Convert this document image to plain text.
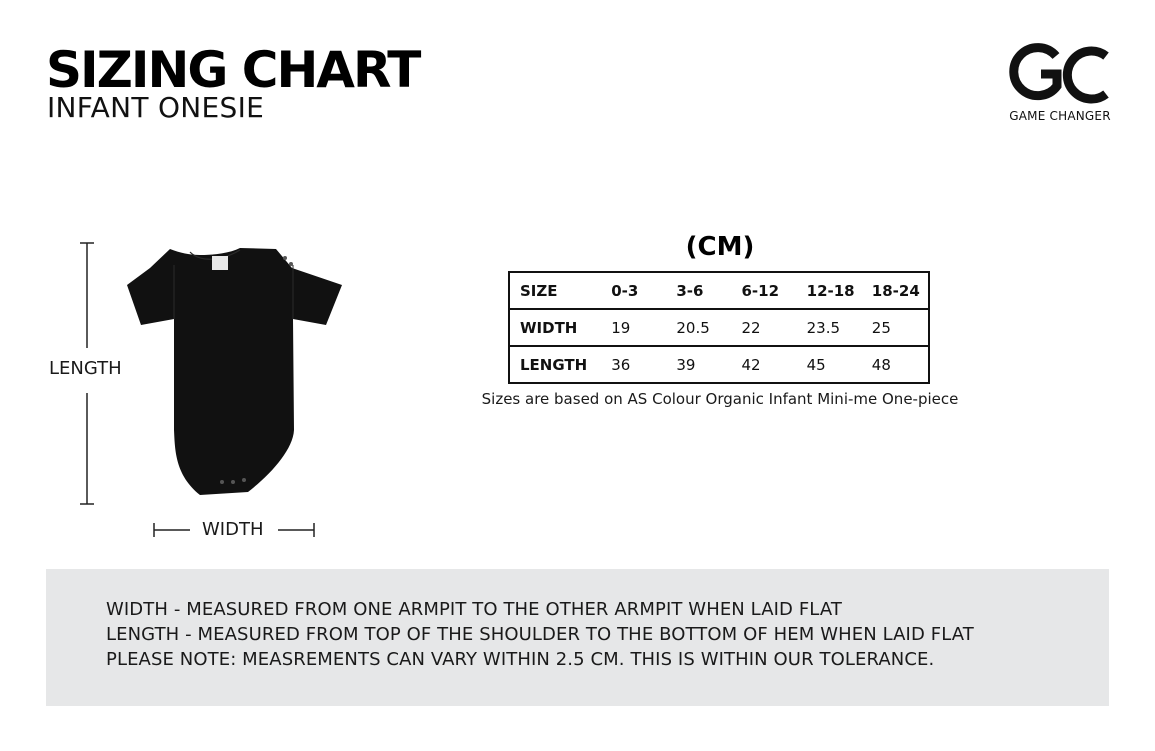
SIZING CHART
INFANT ONESIE	GAME CHANGER
LENGTH
WIDTH
(CM)
SIZE	0-3	3-6	6-12	12-18	18-24
WIDTH	19	20.5	22	23.5	25
LENGTH	36	39	42	45	48
Sizes are based on AS Colour Organic Infant Mini-me One-piece
WIDTH - MEASURED FROM ONE ARMPIT TO THE OTHER ARMPIT WHEN LAID FLAT
LENGTH - MEASURED FROM TOP OF THE SHOULDER TO THE BOTTOM OF HEM WHEN LAID FLAT
PLEASE NOTE: MEASREMENTS CAN VARY WITHIN 2.5 CM. THIS IS WITHIN OUR TOLERANCE.
